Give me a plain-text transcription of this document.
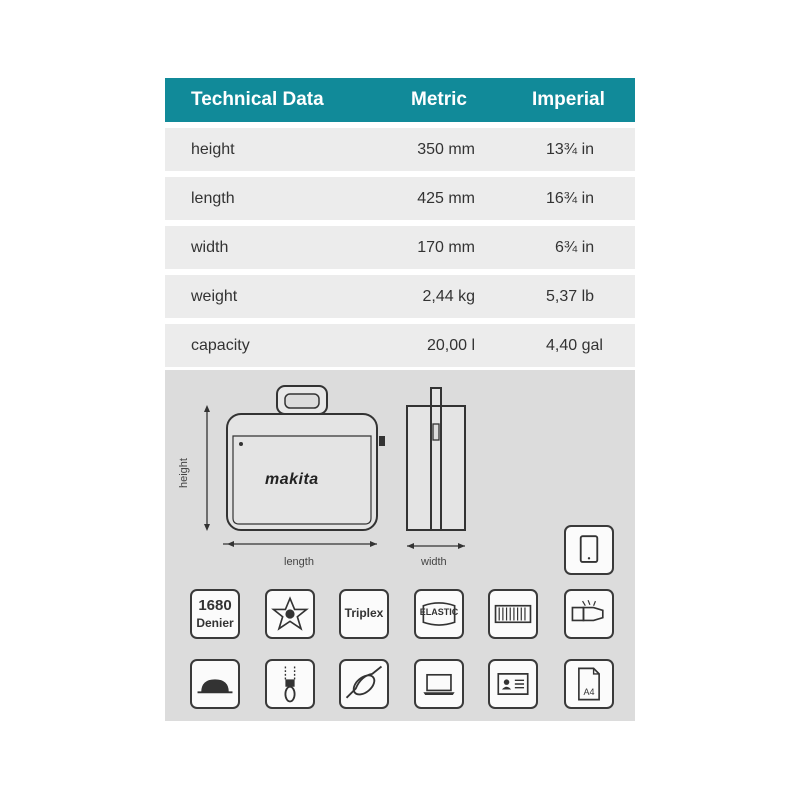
Technical Data	Metric	Imperial
height	350 mm	13¾ in
length	425 mm	16¾ in
width	170 mm	6¾ in
weight	2,44 kg	5,37 lb
capacity	20,00 l	4,40 gal
height
length
makita
width
1680
Denier
Triplex	ELASTIC
A4
